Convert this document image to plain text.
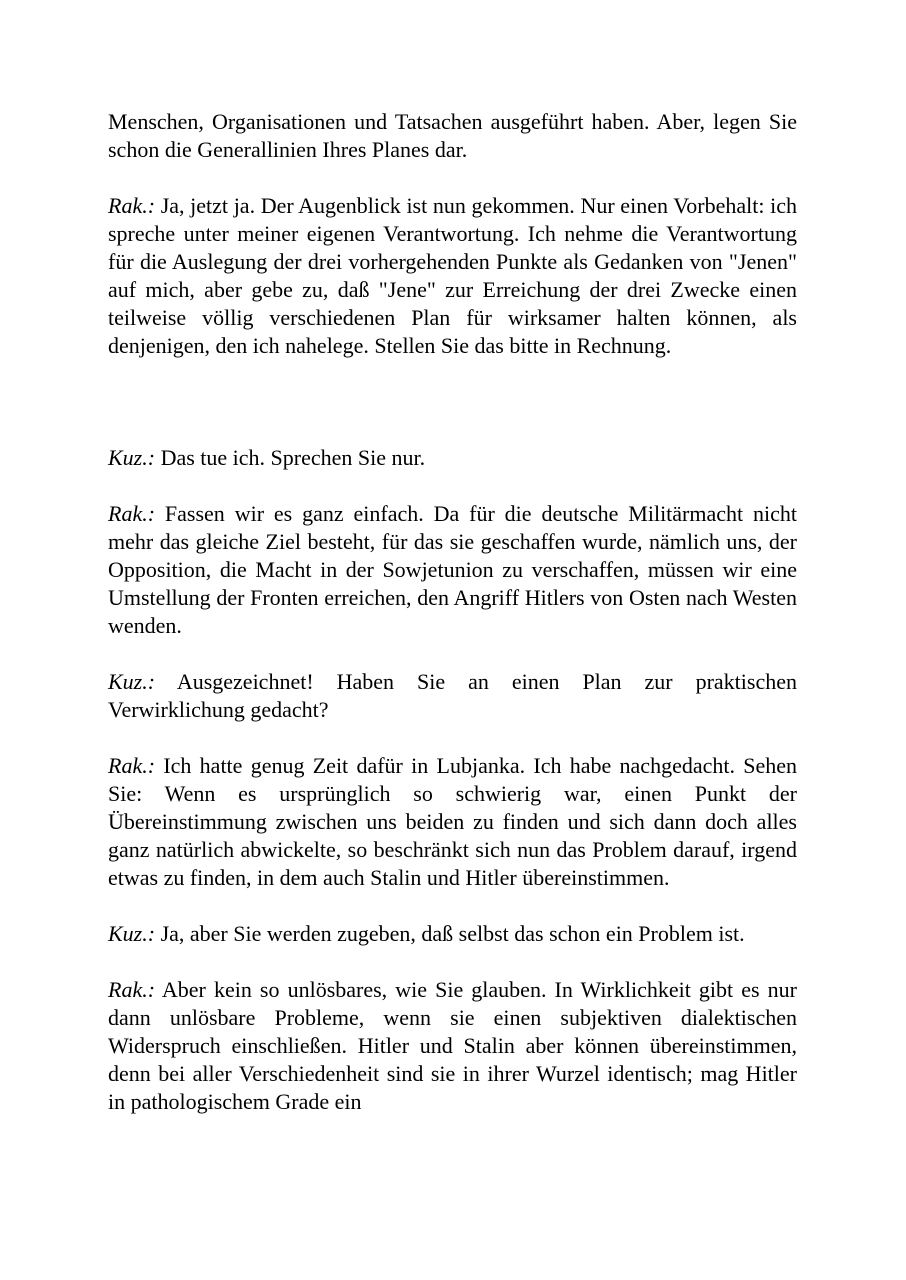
Menschen, Organisationen und Tatsachen ausgeführt haben. Aber, legen Sie schon die Generallinien Ihres Planes dar.

Rak.: Ja, jetzt ja. Der Augenblick ist nun gekommen. Nur einen Vorbehalt: ich spreche unter meiner eigenen Verantwortung. Ich nehme die Verantwortung für die Auslegung der drei vorhergehenden Punkte als Gedanken von "Jenen" auf mich, aber gebe zu, daß "Jene" zur Erreichung der drei Zwecke einen teilweise völlig verschiedenen Plan für wirksamer halten können, als denjenigen, den ich nahelege. Stellen Sie das bitte in Rechnung.

Kuz.: Das tue ich. Sprechen Sie nur.

Rak.: Fassen wir es ganz einfach. Da für die deutsche Militärmacht nicht mehr das gleiche Ziel besteht, für das sie geschaffen wurde, nämlich uns, der Opposition, die Macht in der Sowjetunion zu verschaffen, müssen wir eine Umstellung der Fronten erreichen, den Angriff Hitlers von Osten nach Westen wenden.

Kuz.: Ausgezeichnet! Haben Sie an einen Plan zur praktischen Verwirklichung gedacht?

Rak.: Ich hatte genug Zeit dafür in Lubjanka. Ich habe nachgedacht. Sehen Sie: Wenn es ursprünglich so schwierig war, einen Punkt der Übereinstimmung zwischen uns beiden zu finden und sich dann doch alles ganz natürlich abwickelte, so beschränkt sich nun das Problem darauf, irgend etwas zu finden, in dem auch Stalin und Hitler übereinstimmen.

Kuz.: Ja, aber Sie werden zugeben, daß selbst das schon ein Problem ist.

Rak.: Aber kein so unlösbares, wie Sie glauben. In Wirklichkeit gibt es nur dann unlösbare Probleme, wenn sie einen subjektiven dialektischen Widerspruch einschließen. Hitler und Stalin aber können übereinstimmen, denn bei aller Verschiedenheit sind sie in ihrer Wurzel identisch; mag Hitler in pathologischem Grade ein
